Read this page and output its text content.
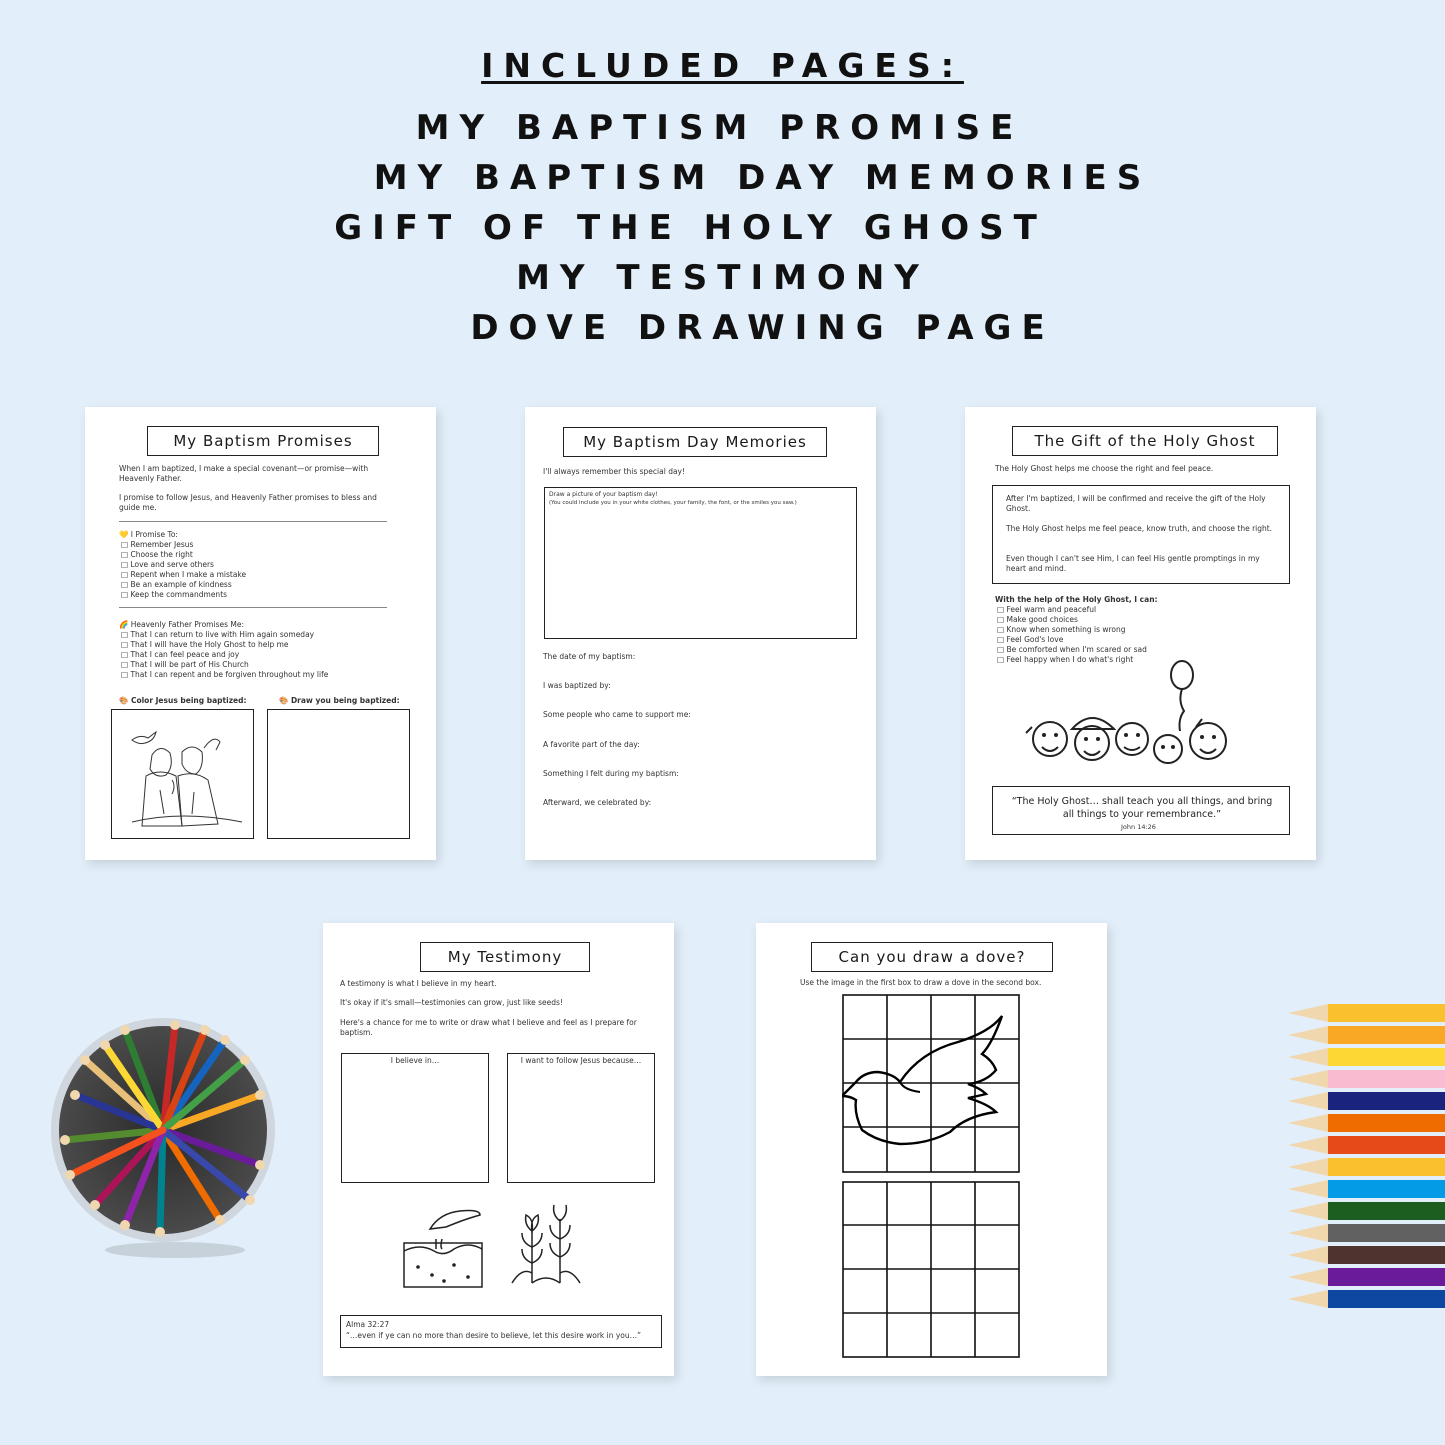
INCLUDED PAGES:
MY BAPTISM PROMISE
MY BAPTISM DAY MEMORIES
GIFT OF THE HOLY GHOST
MY TESTIMONY
DOVE DRAWING PAGE
My Baptism Promises
When I am baptized, I make a special covenant—or promise—with Heavenly Father.
I promise to follow Jesus, and Heavenly Father promises to bless and guide me.
💛 I Promise To:
□ Remember Jesus
□ Choose the right
□ Love and serve others
□ Repent when I make a mistake
□ Be an example of kindness
□ Keep the commandments
🌈 Heavenly Father Promises Me:
□ That I can return to live with Him again someday
□ That I will have the Holy Ghost to help me
□ That I can feel peace and joy
□ That I will be part of His Church
□ That I can repent and be forgiven throughout my life
🎨 Color Jesus being baptized:	🎨 Draw you being baptized:
My Baptism Day Memories
I'll always remember this special day!
Draw a picture of your baptism day!
(You could include you in your white clothes, your family, the font, or the smiles you saw.)
The date of my baptism:
I was baptized by:
Some people who came to support me:
A favorite part of the day:
Something I felt during my baptism:
Afterward, we celebrated by:
The Gift of the Holy Ghost
The Holy Ghost helps me choose the right and feel peace.
After I'm baptized, I will be confirmed and receive the gift of the Holy Ghost.
The Holy Ghost helps me feel peace, know truth, and choose the right.
Even though I can't see Him, I can feel His gentle promptings in my heart and mind.
With the help of the Holy Ghost, I can:
□ Feel warm and peaceful
□ Make good choices
□ Know when something is wrong
□ Feel God's love
□ Be comforted when I'm scared or sad
□ Feel happy when I do what's right
“The Holy Ghost… shall teach you all things, and bring all things to your remembrance.”
John 14:26
My Testimony
A testimony is what I believe in my heart.
It's okay if it's small—testimonies can grow, just like seeds!
Here's a chance for me to write or draw what I believe and feel as I prepare for baptism.
I believe in…	I want to follow Jesus because…
Alma 32:27
“…even if ye can no more than desire to believe, let this desire work in you…”
Can you draw a dove?
Use the image in the first box to draw a dove in the second box.
